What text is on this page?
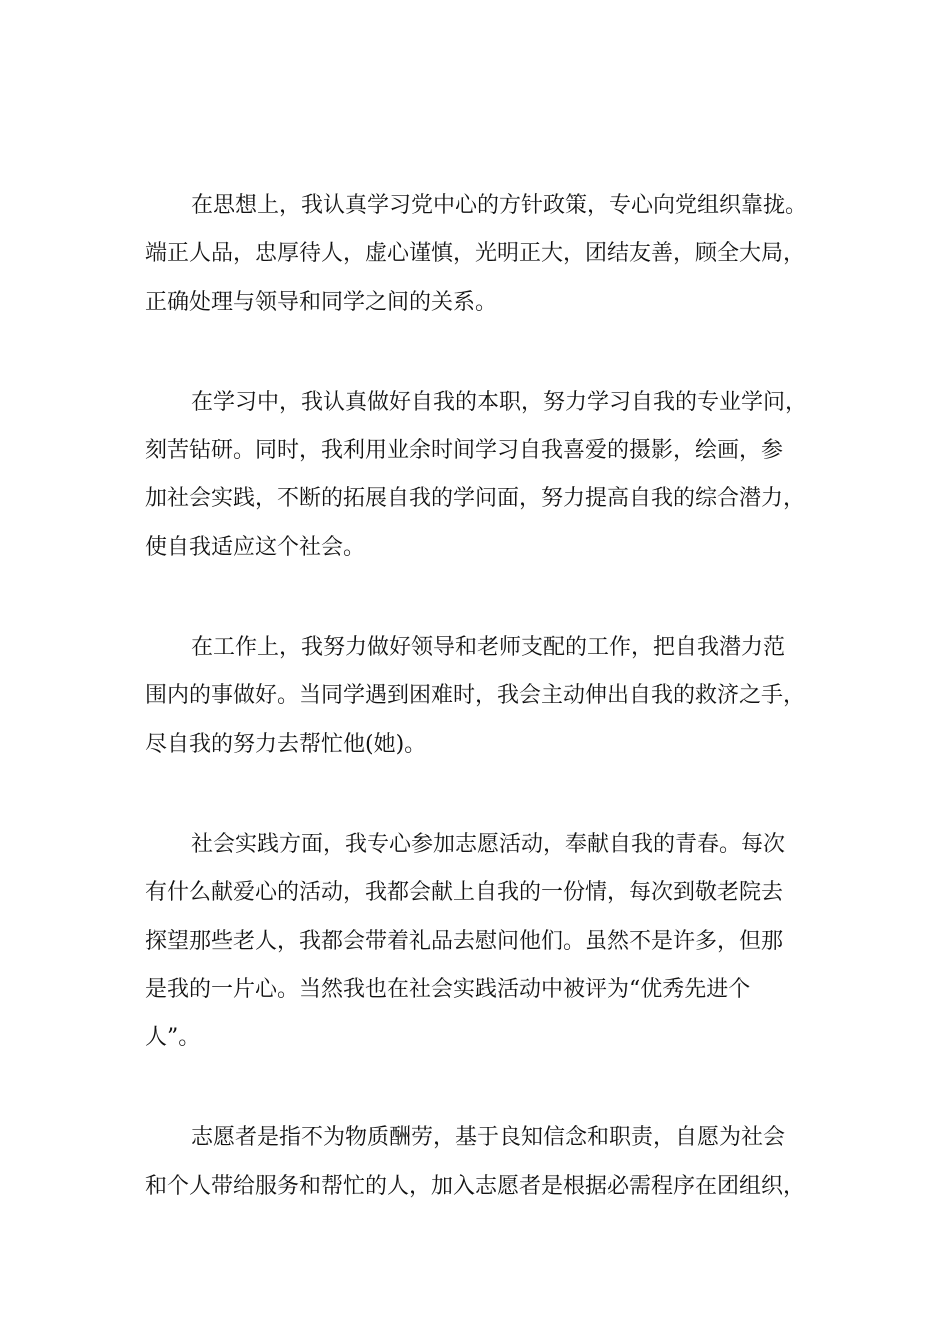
在思想上，我认真学习党中心的方针政策，专心向党组织靠拢。
端正人品，忠厚待人，虚心谨慎，光明正大，团结友善，顾全大局，
正确处理与领导和同学之间的关系。

在学习中，我认真做好自我的本职，努力学习自我的专业学问，
刻苦钻研。同时，我利用业余时间学习自我喜爱的摄影，绘画，参
加社会实践，不断的拓展自我的学问面，努力提高自我的综合潜力，
使自我适应这个社会。

在工作上，我努力做好领导和老师支配的工作，把自我潜力范
围内的事做好。当同学遇到困难时，我会主动伸出自我的救济之手，
尽自我的努力去帮忙他(她)。

社会实践方面，我专心参加志愿活动，奉献自我的青春。每次
有什么献爱心的活动，我都会献上自我的一份情，每次到敬老院去
探望那些老人，我都会带着礼品去慰问他们。虽然不是许多，但那
是我的一片心。当然我也在社会实践活动中被评为“优秀先进个
人”。

志愿者是指不为物质酬劳，基于良知信念和职责，自愿为社会
和个人带给服务和帮忙的人，加入志愿者是根据必需程序在团组织，
